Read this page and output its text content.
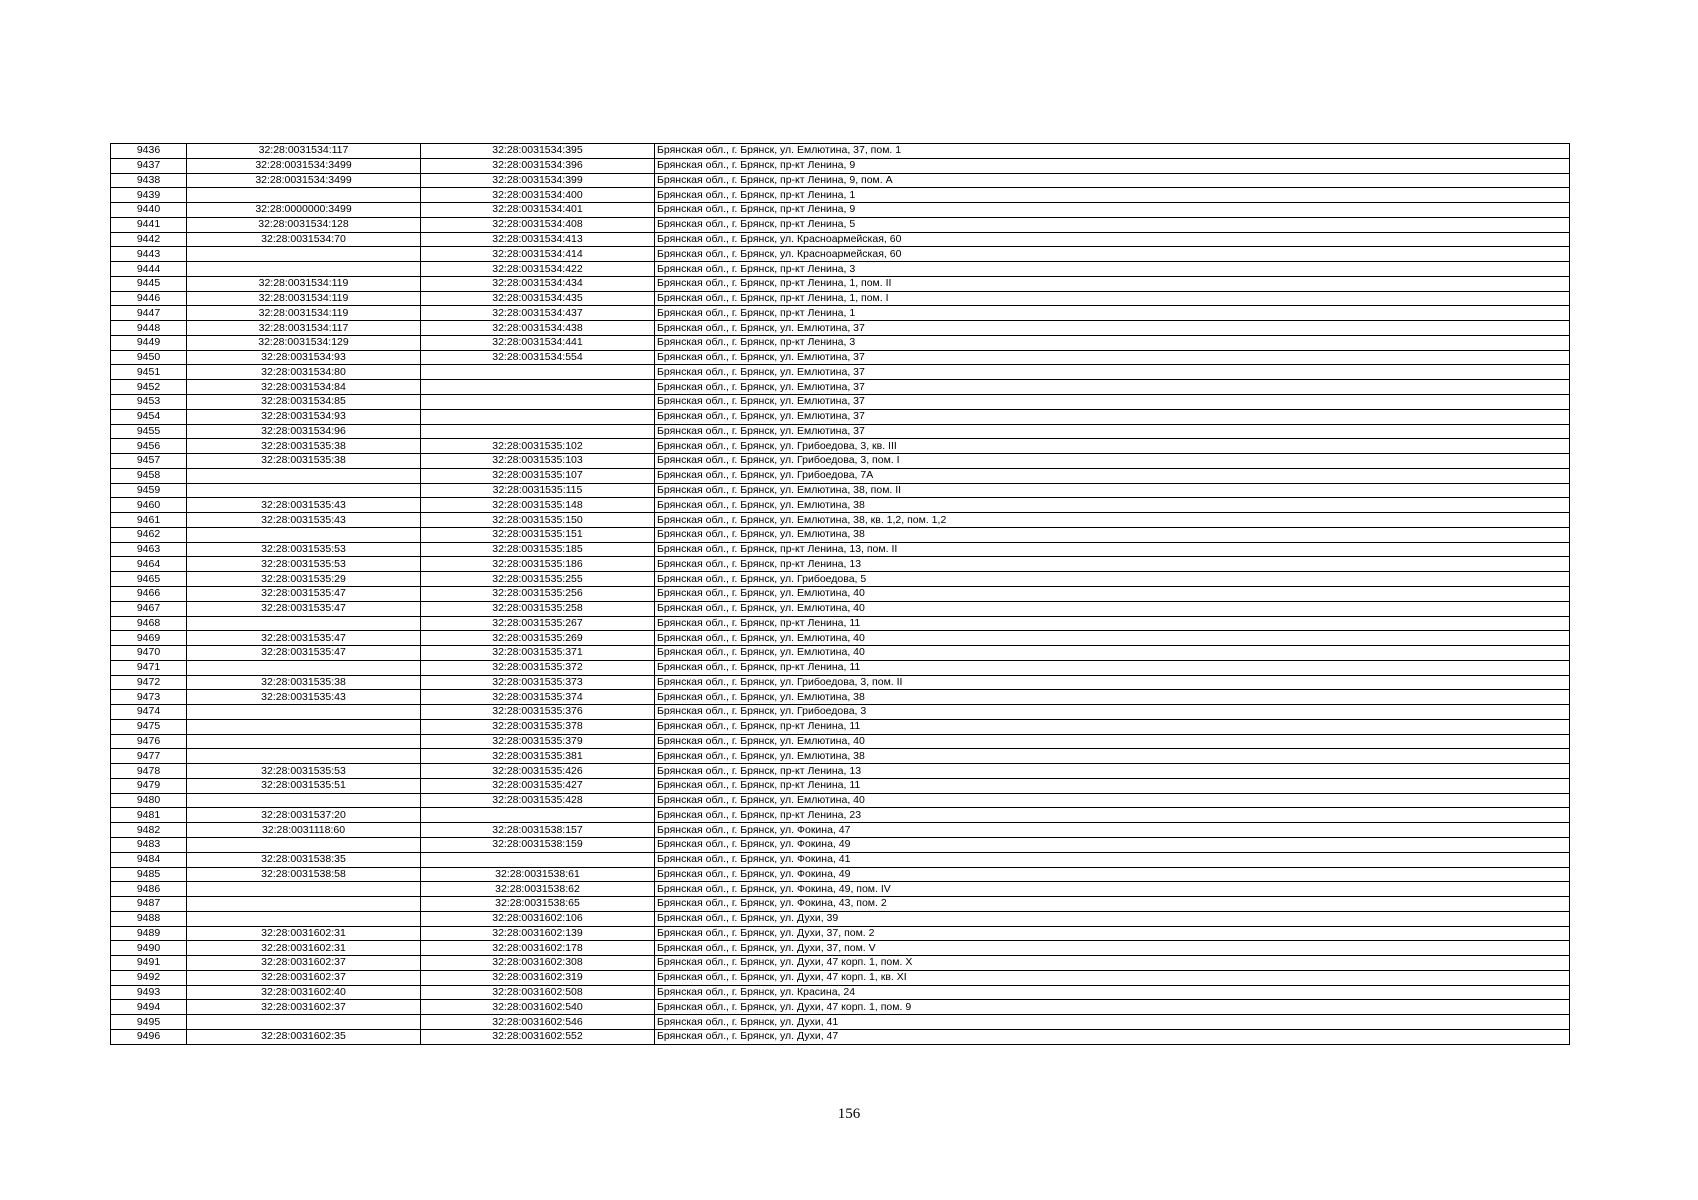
9436	32:28:0031534:117	32:28:0031534:395	Брянская обл., г. Брянск, ул. Емлютина, 37, пом. 1
9437	32:28:0031534:3499	32:28:0031534:396	Брянская обл., г. Брянск, пр-кт Ленина, 9
9438	32:28:0031534:3499	32:28:0031534:399	Брянская обл., г. Брянск, пр-кт Ленина, 9, пом. А
9439		32:28:0031534:400	Брянская обл., г. Брянск, пр-кт Ленина, 1
9440	32:28:0000000:3499	32:28:0031534:401	Брянская обл., г. Брянск, пр-кт Ленина, 9
9441	32:28:0031534:128	32:28:0031534:408	Брянская обл., г. Брянск, пр-кт Ленина, 5
9442	32:28:0031534:70	32:28:0031534:413	Брянская обл., г. Брянск, ул. Красноармейская, 60
9443		32:28:0031534:414	Брянская обл., г. Брянск, ул. Красноармейская, 60
9444		32:28:0031534:422	Брянская обл., г. Брянск, пр-кт Ленина, 3
9445	32:28:0031534:119	32:28:0031534:434	Брянская обл., г. Брянск, пр-кт Ленина, 1, пом. II
9446	32:28:0031534:119	32:28:0031534:435	Брянская обл., г. Брянск, пр-кт Ленина, 1, пом. I
9447	32:28:0031534:119	32:28:0031534:437	Брянская обл., г. Брянск, пр-кт Ленина, 1
9448	32:28:0031534:117	32:28:0031534:438	Брянская обл., г. Брянск, ул. Емлютина, 37
9449	32:28:0031534:129	32:28:0031534:441	Брянская обл., г. Брянск, пр-кт Ленина, 3
9450	32:28:0031534:93	32:28:0031534:554	Брянская обл., г. Брянск, ул. Емлютина, 37
9451	32:28:0031534:80		Брянская обл., г. Брянск, ул. Емлютина, 37
9452	32:28:0031534:84		Брянская обл., г. Брянск, ул. Емлютина, 37
9453	32:28:0031534:85		Брянская обл., г. Брянск, ул. Емлютина, 37
9454	32:28:0031534:93		Брянская обл., г. Брянск, ул. Емлютина, 37
9455	32:28:0031534:96		Брянская обл., г. Брянск, ул. Емлютина, 37
9456	32:28:0031535:38	32:28:0031535:102	Брянская обл., г. Брянск, ул. Грибоедова, 3, кв. III
9457	32:28:0031535:38	32:28:0031535:103	Брянская обл., г. Брянск, ул. Грибоедова, 3, пом. I
9458		32:28:0031535:107	Брянская обл., г. Брянск, ул. Грибоедова, 7А
9459		32:28:0031535:115	Брянская обл., г. Брянск, ул. Емлютина, 38, пом. II
9460	32:28:0031535:43	32:28:0031535:148	Брянская обл., г. Брянск, ул. Емлютина, 38
9461	32:28:0031535:43	32:28:0031535:150	Брянская обл., г. Брянск, ул. Емлютина, 38, кв. 1,2, пом. 1,2
9462		32:28:0031535:151	Брянская обл., г. Брянск, ул. Емлютина, 38
9463	32:28:0031535:53	32:28:0031535:185	Брянская обл., г. Брянск, пр-кт Ленина, 13, пом. II
9464	32:28:0031535:53	32:28:0031535:186	Брянская обл., г. Брянск, пр-кт Ленина, 13
9465	32:28:0031535:29	32:28:0031535:255	Брянская обл., г. Брянск, ул. Грибоедова, 5
9466	32:28:0031535:47	32:28:0031535:256	Брянская обл., г. Брянск, ул. Емлютина, 40
9467	32:28:0031535:47	32:28:0031535:258	Брянская обл., г. Брянск, ул. Емлютина, 40
9468		32:28:0031535:267	Брянская обл., г. Брянск, пр-кт Ленина, 11
9469	32:28:0031535:47	32:28:0031535:269	Брянская обл., г. Брянск, ул. Емлютина, 40
9470	32:28:0031535:47	32:28:0031535:371	Брянская обл., г. Брянск, ул. Емлютина, 40
9471		32:28:0031535:372	Брянская обл., г. Брянск, пр-кт Ленина, 11
9472	32:28:0031535:38	32:28:0031535:373	Брянская обл., г. Брянск, ул. Грибоедова, 3, пом. II
9473	32:28:0031535:43	32:28:0031535:374	Брянская обл., г. Брянск, ул. Емлютина, 38
9474		32:28:0031535:376	Брянская обл., г. Брянск, ул. Грибоедова, 3
9475		32:28:0031535:378	Брянская обл., г. Брянск, пр-кт Ленина, 11
9476		32:28:0031535:379	Брянская обл., г. Брянск, ул. Емлютина, 40
9477		32:28:0031535:381	Брянская обл., г. Брянск, ул. Емлютина, 38
9478	32:28:0031535:53	32:28:0031535:426	Брянская обл., г. Брянск, пр-кт Ленина, 13
9479	32:28:0031535:51	32:28:0031535:427	Брянская обл., г. Брянск, пр-кт Ленина, 11
9480		32:28:0031535:428	Брянская обл., г. Брянск, ул. Емлютина, 40
9481	32:28:0031537:20		Брянская обл., г. Брянск, пр-кт Ленина, 23
9482	32:28:0031118:60	32:28:0031538:157	Брянская обл., г. Брянск, ул. Фокина, 47
9483		32:28:0031538:159	Брянская обл., г. Брянск, ул. Фокина, 49
9484	32:28:0031538:35		Брянская обл., г. Брянск, ул. Фокина, 41
9485	32:28:0031538:58	32:28:0031538:61	Брянская обл., г. Брянск, ул. Фокина, 49
9486		32:28:0031538:62	Брянская обл., г. Брянск, ул. Фокина, 49, пом. IV
9487		32:28:0031538:65	Брянская обл., г. Брянск, ул. Фокина, 43, пом. 2
9488		32:28:0031602:106	Брянская обл., г. Брянск, ул. Духи, 39
9489	32:28:0031602:31	32:28:0031602:139	Брянская обл., г. Брянск, ул. Духи, 37, пом. 2
9490	32:28:0031602:31	32:28:0031602:178	Брянская обл., г. Брянск, ул. Духи, 37, пом. V
9491	32:28:0031602:37	32:28:0031602:308	Брянская обл., г. Брянск, ул. Духи, 47 корп. 1, пом. X
9492	32:28:0031602:37	32:28:0031602:319	Брянская обл., г. Брянск, ул. Духи, 47 корп. 1, кв. XI
9493	32:28:0031602:40	32:28:0031602:508	Брянская обл., г. Брянск, ул. Красина, 24
9494	32:28:0031602:37	32:28:0031602:540	Брянская обл., г. Брянск, ул. Духи, 47 корп. 1, пом. 9
9495		32:28:0031602:546	Брянская обл., г. Брянск, ул. Духи, 41
9496	32:28:0031602:35	32:28:0031602:552	Брянская обл., г. Брянск, ул. Духи, 47
156
